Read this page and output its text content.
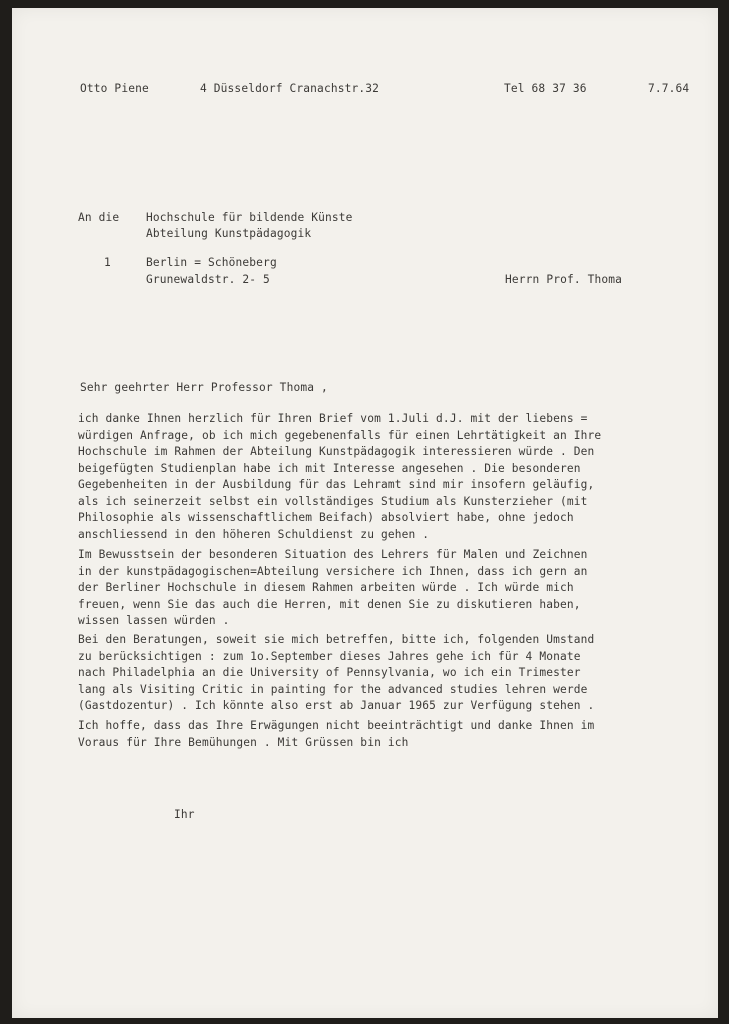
Otto Piene	4 Düsseldorf Cranachstr.32	Tel 68 37 36	7.7.64
An die Hochschule für bildende Künste
Abteilung Kunstpädagogik
1	Berlin = Schöneberg
Grunewaldstr. 2- 5	Herrn Prof. Thoma
Sehr geehrter Herr Professor Thoma ,

ich danke Ihnen herzlich für Ihren Brief vom 1.Juli d.J. mit der liebens =

würdigen Anfrage, ob ich mich gegebenenfalls für einen Lehrtätigkeit an Ihre

Hochschule im Rahmen der Abteilung Kunstpädagogik interessieren würde . Den

beigefügten Studienplan habe ich mit Interesse angesehen . Die besonderen

Gegebenheiten in der Ausbildung für das Lehramt sind mir insofern geläufig,

als ich seinerzeit selbst ein vollständiges Studium als Kunsterzieher (mit

Philosophie als wissenschaftlichem Beifach) absolviert habe, ohne jedoch

anschliessend in den höheren Schuldienst zu gehen .

Im Bewusstsein der besonderen Situation des Lehrers für Malen und Zeichnen

in der kunstpädagogischen=Abteilung versichere ich Ihnen, dass ich gern an

der Berliner Hochschule in diesem Rahmen arbeiten würde . Ich würde mich

freuen, wenn Sie das auch die Herren, mit denen Sie zu diskutieren haben,

wissen lassen würden .

Bei den Beratungen, soweit sie mich betreffen, bitte ich, folgenden Umstand

zu berücksichtigen : zum 1o.September dieses Jahres gehe ich für 4 Monate

nach Philadelphia an die University of Pennsylvania, wo ich ein Trimester

lang als Visiting Critic in painting for the advanced studies lehren werde

(Gastdozentur) . Ich könnte also erst ab Januar 1965 zur Verfügung stehen .

Ich hoffe, dass das Ihre Erwägungen nicht beeinträchtigt und danke Ihnen im

Voraus für Ihre Bemühungen . Mit Grüssen bin ich

Ihr
